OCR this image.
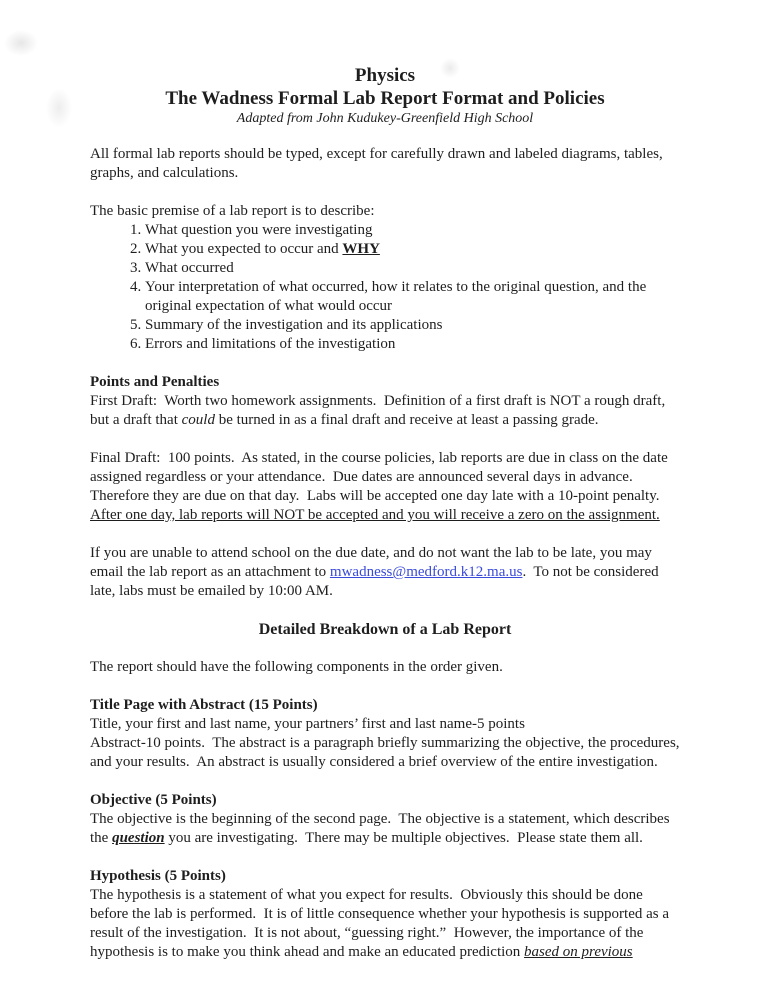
Physics
The Wadness Formal Lab Report Format and Policies
Adapted from John Kudukey-Greenfield High School

All formal lab reports should be typed, except for carefully drawn and labeled diagrams, tables, graphs, and calculations.

The basic premise of a lab report is to describe:

1. What question you were investigating
2. What you expected to occur and WHY
3. What occurred
4. Your interpretation of what occurred, how it relates to the original question, and the original expectation of what would occur
5. Summary of the investigation and its applications
6. Errors and limitations of the investigation
Points and Penalties

First Draft:  Worth two homework assignments.  Definition of a first draft is NOT a rough draft, but a draft that could be turned in as a final draft and receive at least a passing grade.

Final Draft:  100 points.  As stated, in the course policies, lab reports are due in class on the date assigned regardless or your attendance.  Due dates are announced several days in advance.  Therefore they are due on that day.  Labs will be accepted one day late with a 10-point penalty.  After one day, lab reports will NOT be accepted and you will receive a zero on the assignment.

If you are unable to attend school on the due date, and do not want the lab to be late, you may email the lab report as an attachment to mwadness@medford.k12.ma.us.  To not be considered late, labs must be emailed by 10:00 AM.

Detailed Breakdown of a Lab Report

The report should have the following components in the order given.

Title Page with Abstract (15 Points)

Title, your first and last name, your partners’ first and last name-5 points

Abstract-10 points.  The abstract is a paragraph briefly summarizing the objective, the procedures, and your results.  An abstract is usually considered a brief overview of the entire investigation.

Objective (5 Points)

The objective is the beginning of the second page.  The objective is a statement, which describes the question you are investigating.  There may be multiple objectives.  Please state them all.

Hypothesis (5 Points)

The hypothesis is a statement of what you expect for results.  Obviously this should be done before the lab is performed.  It is of little consequence whether your hypothesis is supported as a result of the investigation.  It is not about, “guessing right.”  However, the importance of the hypothesis is to make you think ahead and make an educated prediction based on previous
